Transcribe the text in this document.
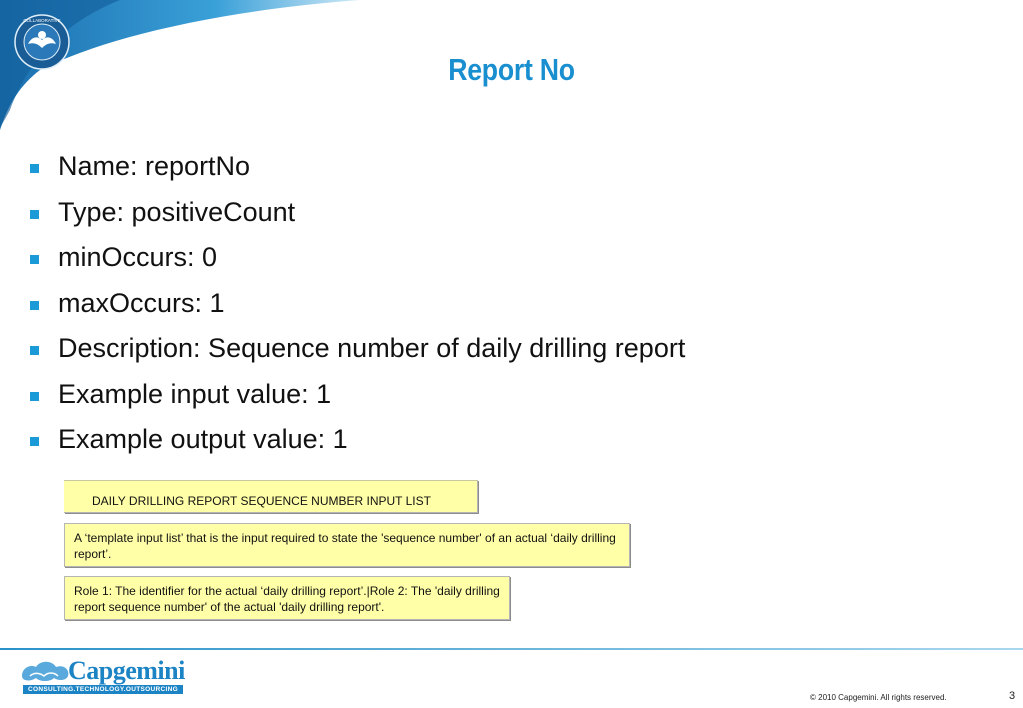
COLLABORATIVE
Report No
Name: reportNo
Type: positiveCount
minOccurs: 0
maxOccurs: 1
Description: Sequence number of daily drilling report
Example input value: 1
Example output value: 1
DAILY DRILLING REPORT SEQUENCE NUMBER INPUT LIST
A ‘template input list’ that is the input required to state the 'sequence number' of an actual ‘daily drilling report’.
Role 1: The identifier for the actual ‘daily drilling report’.|Role 2: The 'daily drilling report sequence number' of the actual 'daily drilling report'.
Capgemini
CONSULTING.TECHNOLOGY.OUTSOURCING
© 2010 Capgemini. All rights reserved.	3
